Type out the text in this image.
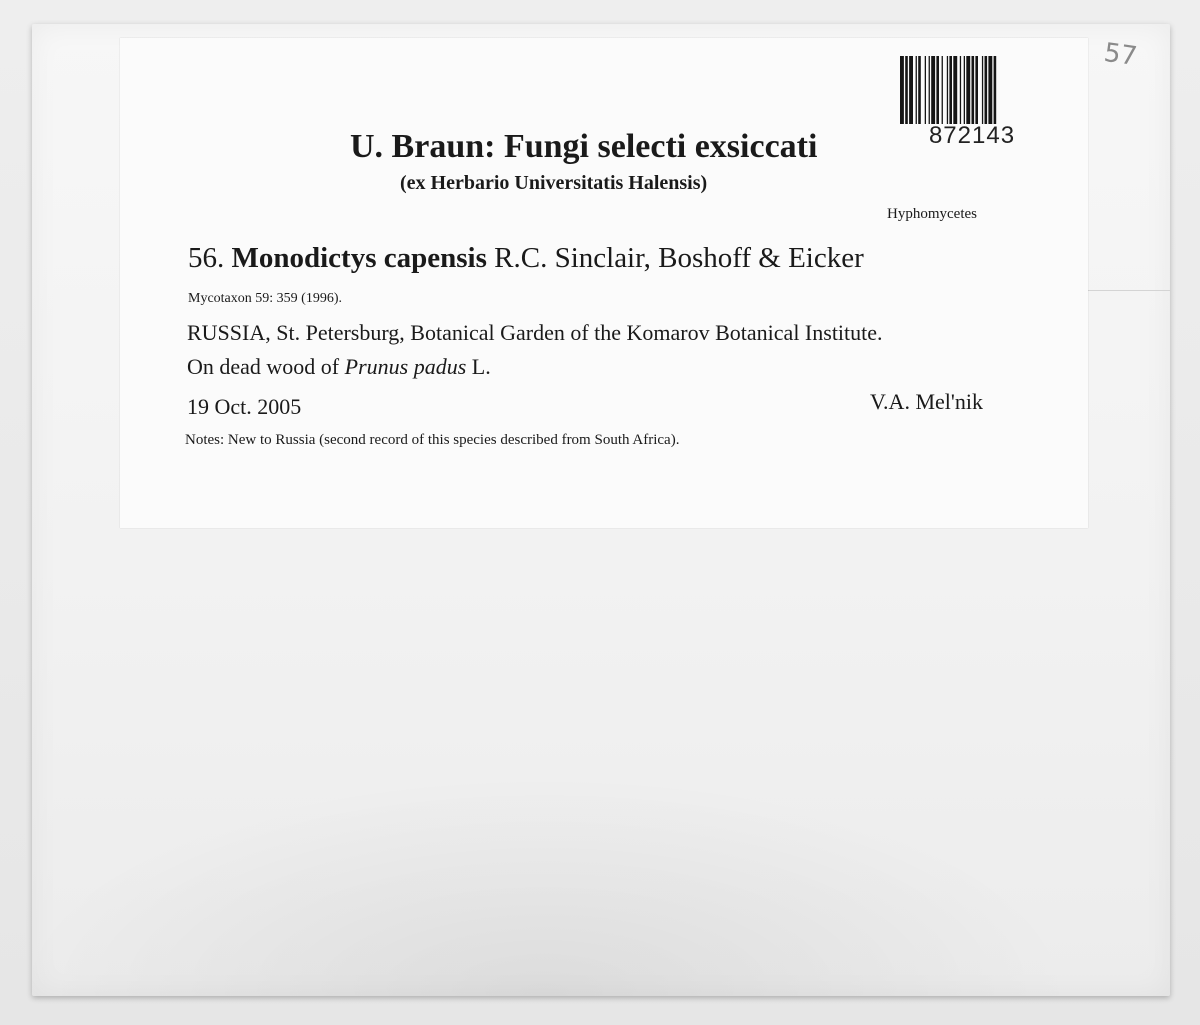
57
872143
U. Braun: Fungi selecti exsiccati
(ex Herbario Universitatis Halensis)
Hyphomycetes
56. Monodictys capensis R.C. Sinclair, Boshoff & Eicker
Mycotaxon 59: 359 (1996).
RUSSIA, St. Petersburg, Botanical Garden of the Komarov Botanical Institute.
On dead wood of Prunus padus L.
19 Oct. 2005	V.A. Mel'nik
Notes: New to Russia (second record of this species described from South Africa).
